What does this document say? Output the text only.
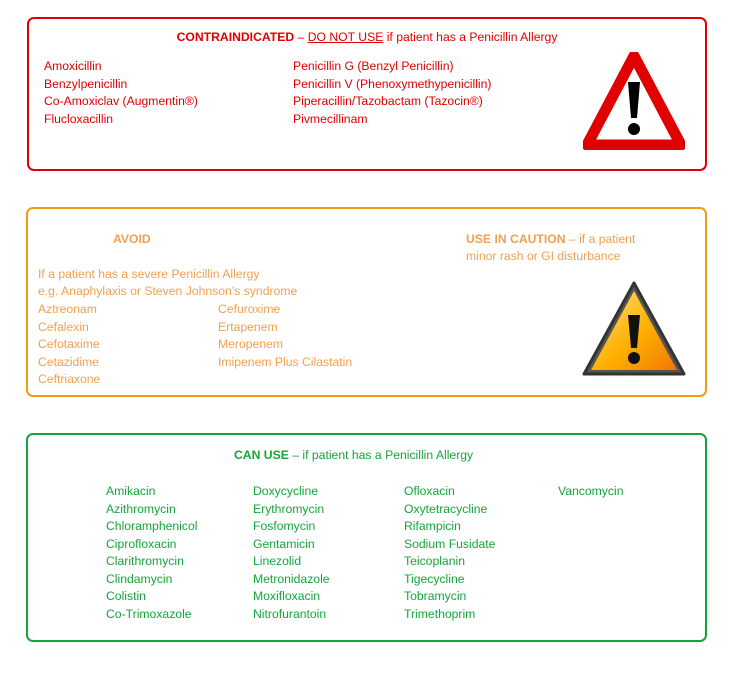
CONTRAINDICATED – DO NOT USE if patient has a Penicillin Allergy
Amoxicillin
Benzylpenicillin
Co-Amoxiclav (Augmentin®)
Flucloxacillin
Penicillin G (Benzyl Penicillin)
Penicillin V (Phenoxymethypenicillin)
Piperacillin/Tazobactam (Tazocin®)
Pivmecillinam
AVOID
If a patient has a severe Penicillin Allergy
e.g. Anaphylaxis or Steven Johnson’s syndrome
Aztreonam
Cefalexin
Cefotaxime
Cetazidime
Ceftriaxone
Cefuroxime
Ertapenem
Meropenem
Imipenem Plus Cilastatin
USE IN CAUTION – if a patient
minor rash or GI disturbance
CAN USE – if patient has a Penicillin Allergy
Amikacin
Azithromycin
Chloramphenicol
Ciprofloxacin
Clarithromycin
Clindamycin
Colistin
Co-Trimoxazole
Doxycycline
Erythromycin
Fosfomycin
Gentamicin
Linezolid
Metronidazole
Moxifloxacin
Nitrofurantoin
Ofloxacin
Oxytetracycline
Rifampicin
Sodium Fusidate
Teicoplanin
Tigecycline
Tobramycin
Trimethoprim
Vancomycin
